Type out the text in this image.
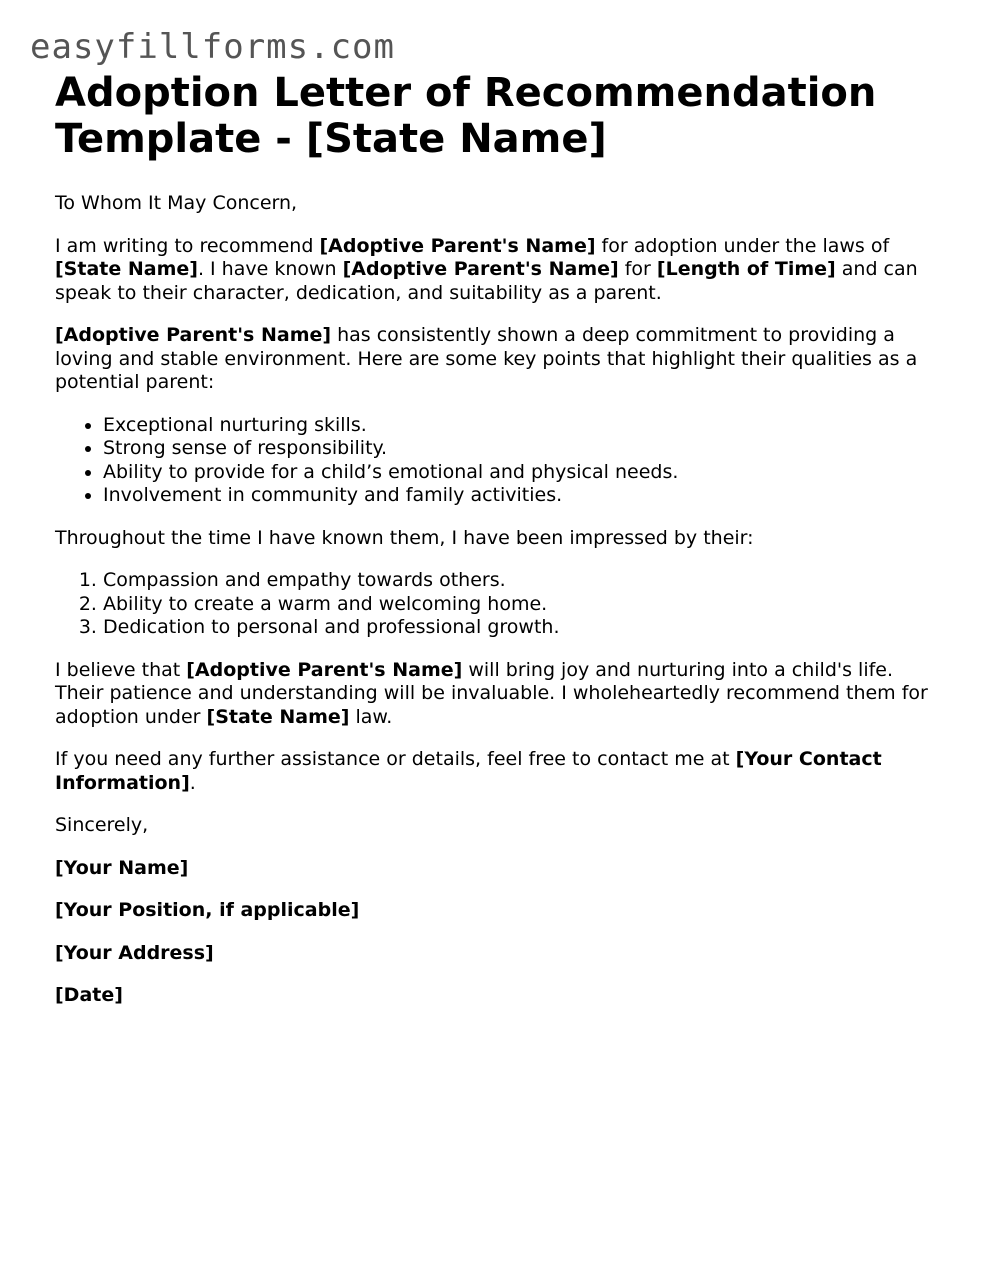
easyfillforms.com
Adoption Letter of Recommendation Template - [State Name]

To Whom It May Concern,

I am writing to recommend [Adoptive Parent's Name] for adoption under the laws of [State Name]. I have known [Adoptive Parent's Name] for [Length of Time] and can speak to their character, dedication, and suitability as a parent.

[Adoptive Parent's Name] has consistently shown a deep commitment to providing a loving and stable environment. Here are some key points that highlight their qualities as a potential parent:

• Exceptional nurturing skills.
• Strong sense of responsibility.
• Ability to provide for a child’s emotional and physical needs.
• Involvement in community and family activities.

Throughout the time I have known them, I have been impressed by their:

1. Compassion and empathy towards others.
2. Ability to create a warm and welcoming home.
3. Dedication to personal and professional growth.

I believe that [Adoptive Parent's Name] will bring joy and nurturing into a child's life. Their patience and understanding will be invaluable. I wholeheartedly recommend them for adoption under [State Name] law.

If you need any further assistance or details, feel free to contact me at [Your Contact Information].

Sincerely,

[Your Name]

[Your Position, if applicable]

[Your Address]

[Date]
